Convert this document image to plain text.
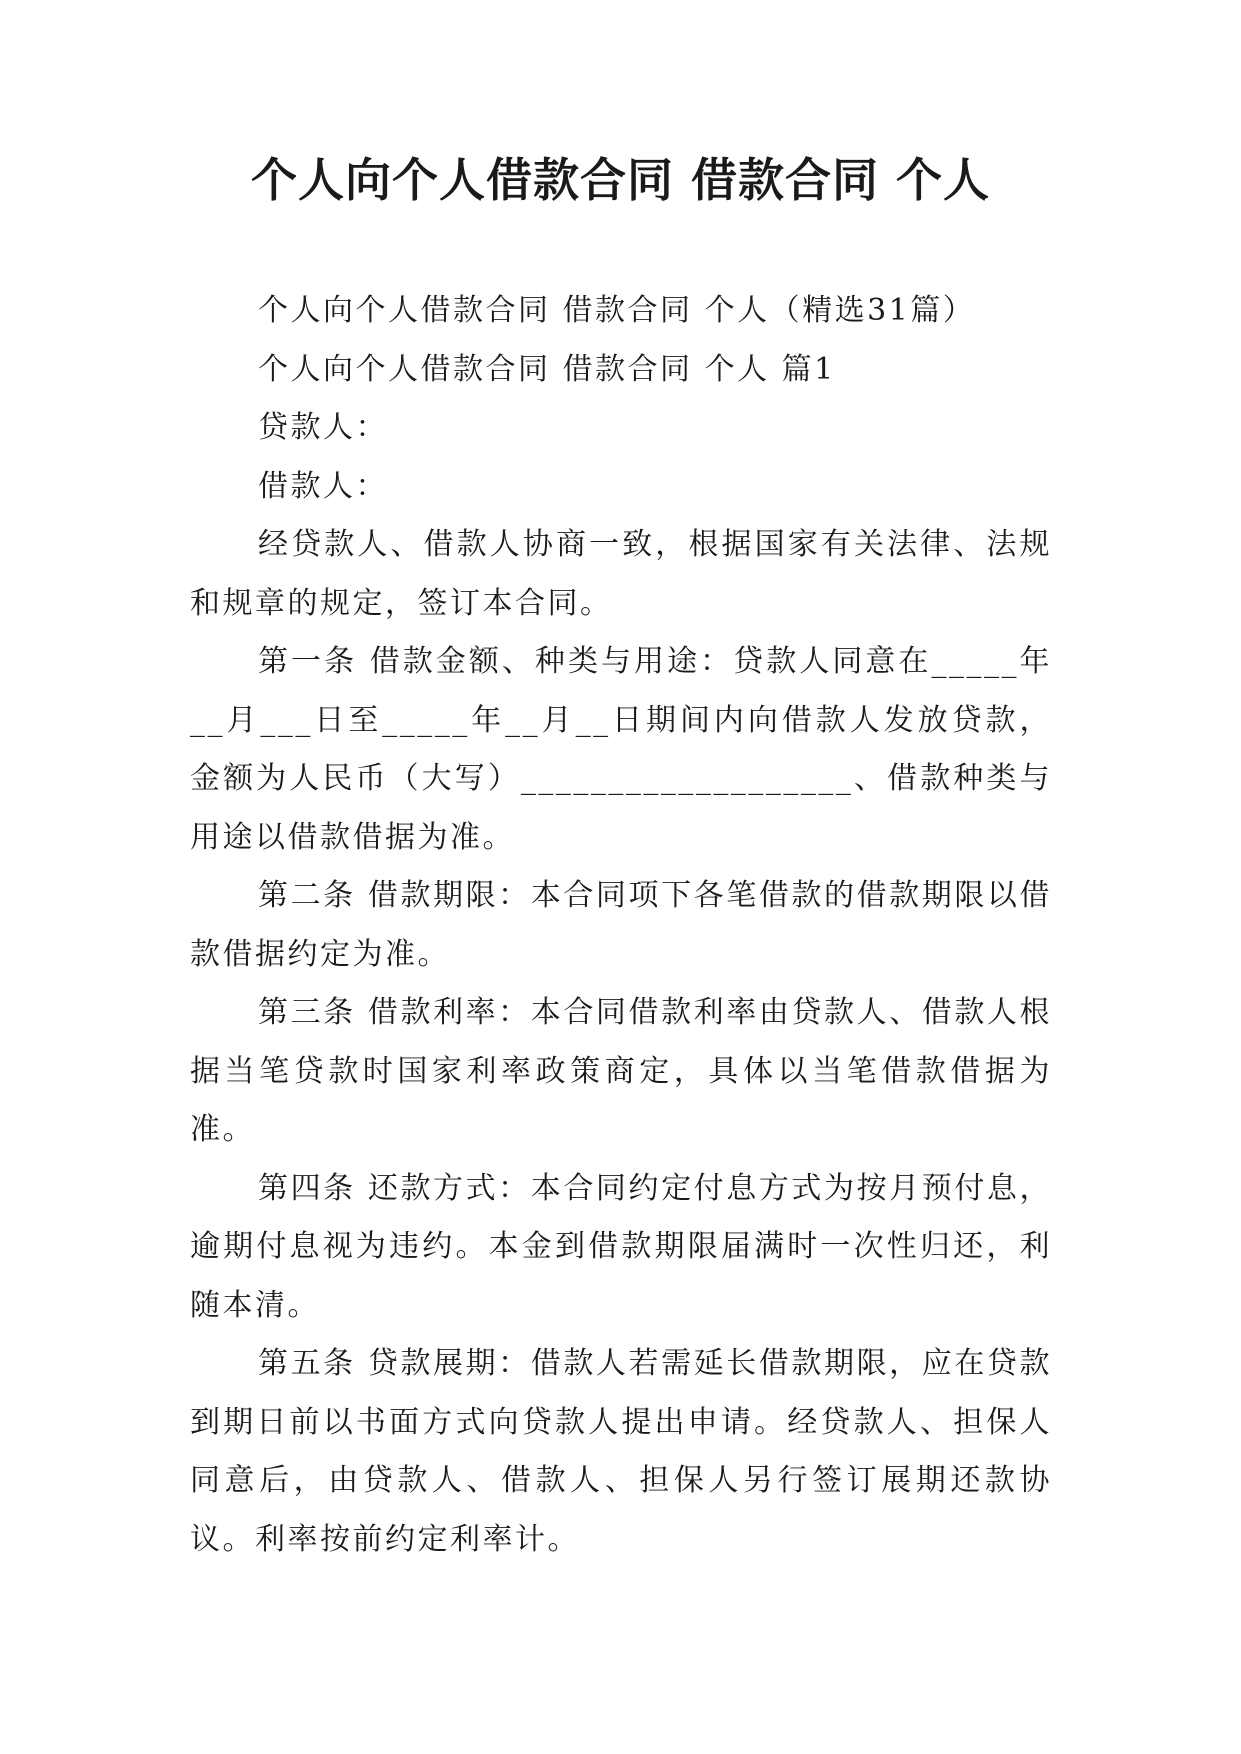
个人向个人借款合同 借款合同 个人

个人向个人借款合同 借款合同 个人（精选31篇）

个人向个人借款合同 借款合同 个人 篇1

贷款人：

借款人：

经贷款人、借款人协商一致，根据国家有关法律、法规和规章的规定，签订本合同。

第一条 借款金额、种类与用途：贷款人同意在_____年__月___日至_____年__月__日期间内向借款人发放贷款，金额为人民币（大写）___________________、借款种类与用途以借款借据为准。

第二条 借款期限：本合同项下各笔借款的借款期限以借款借据约定为准。

第三条 借款利率：本合同借款利率由贷款人、借款人根据当笔贷款时国家利率政策商定，具体以当笔借款借据为准。

第四条 还款方式：本合同约定付息方式为按月预付息，逾期付息视为违约。本金到借款期限届满时一次性归还，利随本清。

第五条 贷款展期：借款人若需延长借款期限，应在贷款到期日前以书面方式向贷款人提出申请。经贷款人、担保人同意后，由贷款人、借款人、担保人另行签订展期还款协议。利率按前约定利率计。
